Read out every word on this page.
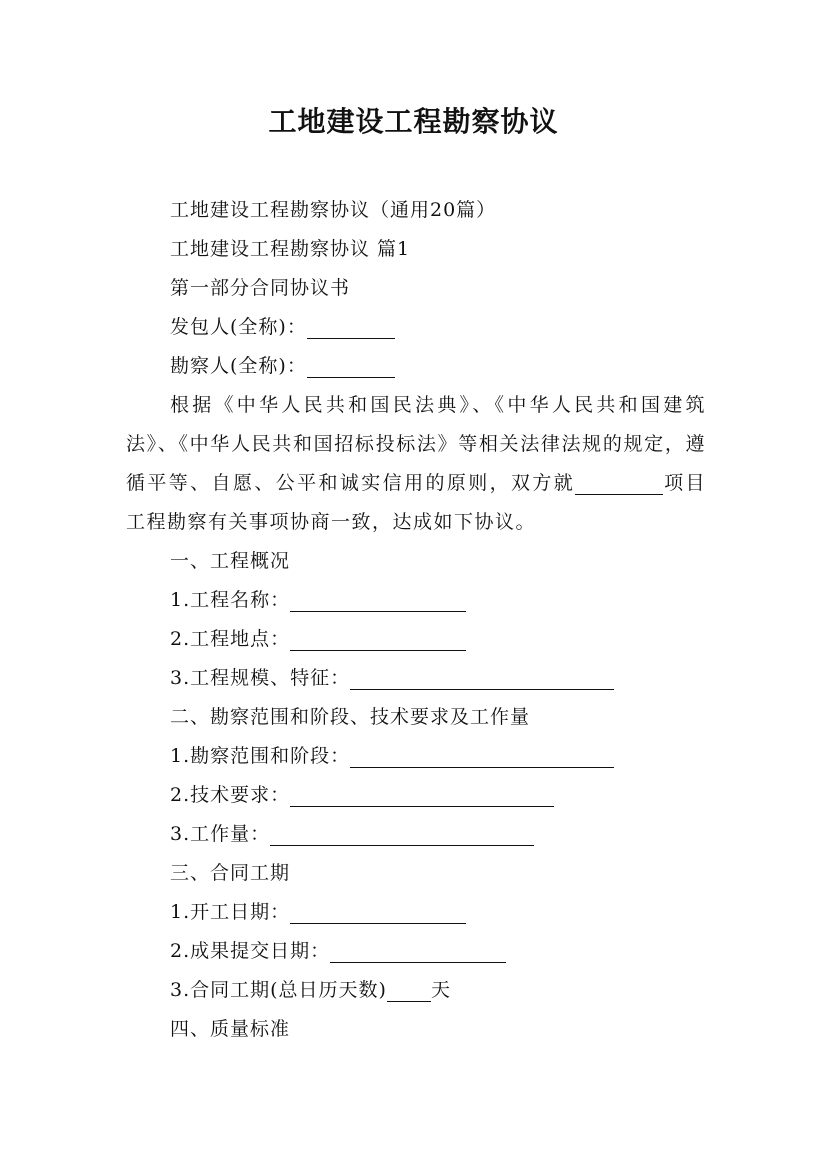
工地建设工程勘察协议
工地建设工程勘察协议（通用20篇）
工地建设工程勘察协议 篇1
第一部分合同协议书
发包人(全称)：
勘察人(全称)：
根据《中华人民共和国民法典》、《中华人民共和国建筑法》、《中华人民共和国招标投标法》等相关法律法规的规定，遵循平等、自愿、公平和诚实信用的原则，双方就	项目工程勘察有关事项协商一致，达成如下协议。
一、工程概况
1.工程名称：
2.工程地点：
3.工程规模、特征：
二、勘察范围和阶段、技术要求及工作量
1.勘察范围和阶段：
2.技术要求：
3.工作量：
三、合同工期
1.开工日期：
2.成果提交日期：
3.合同工期(总日历天数) 天
四、质量标准
